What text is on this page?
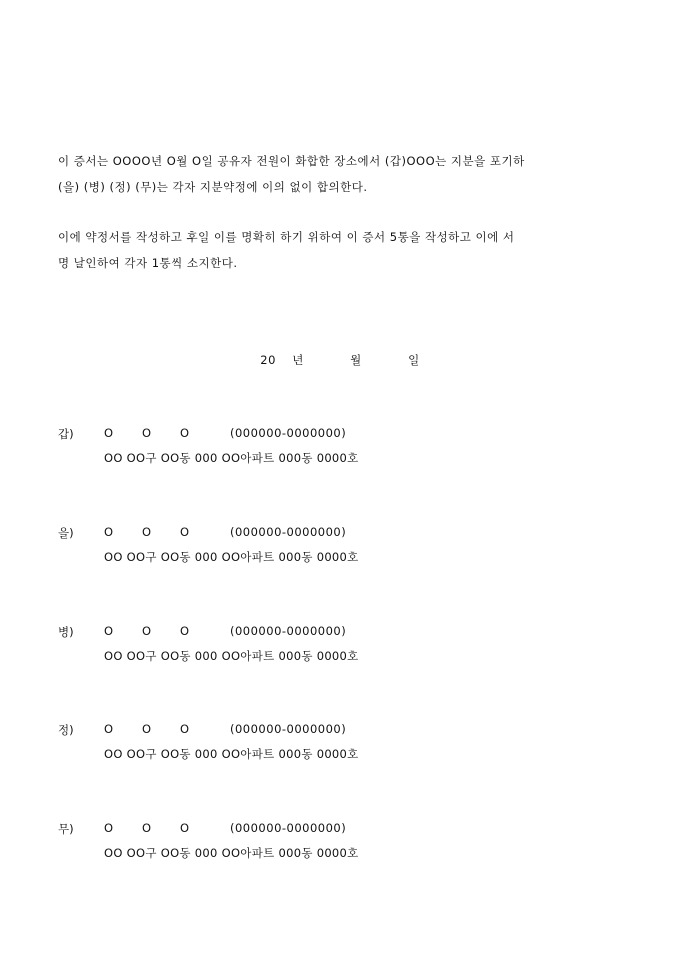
이 증서는 OOOO년 O월 O일 공유자 전원이 화합한 장소에서 (갑)OOO는 지분을 포기하
(을) (병) (정) (무)는 각자 지분약정에 이의 없이 합의한다.

이에 약정서를 작성하고 후일 이를 명확히 하기 위하여 이 증서 5통을 작성하고 이에 서
명 날인하여 각자 1통씩 소지한다.

20 년	월	일
갑)	O	O	O	(000000-0000000)
OO OO구 OO동 000 OO아파트 000동 0000호
을)	O	O	O	(000000-0000000)
OO OO구 OO동 000 OO아파트 000동 0000호
병)	O	O	O	(000000-0000000)
OO OO구 OO동 000 OO아파트 000동 0000호
정)	O	O	O	(000000-0000000)
OO OO구 OO동 000 OO아파트 000동 0000호
무)	O	O	O	(000000-0000000)
OO OO구 OO동 000 OO아파트 000동 0000호
